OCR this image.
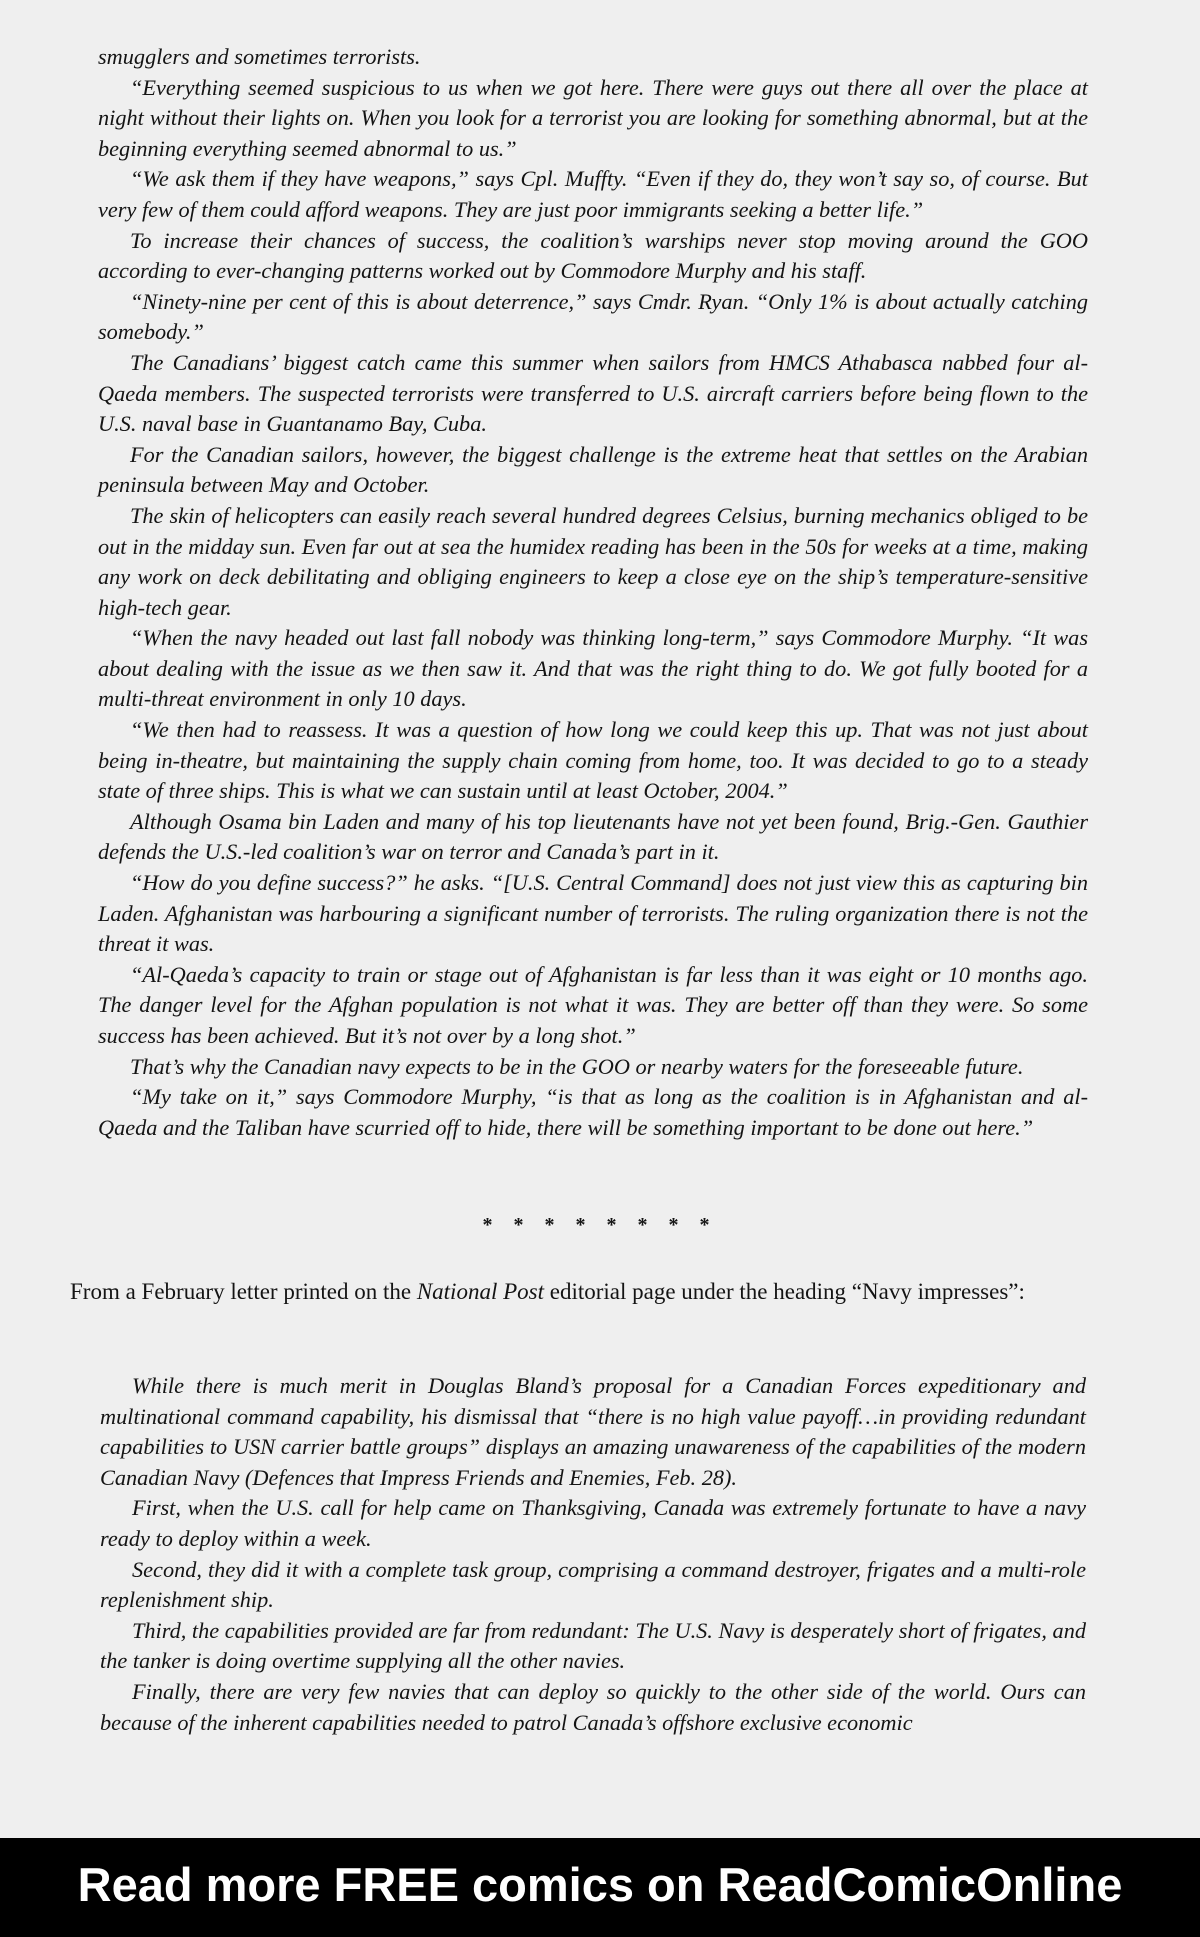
smugglers and sometimes terrorists.

“Everything seemed suspicious to us when we got here. There were guys out there all over the place at night without their lights on. When you look for a terrorist you are looking for something abnormal, but at the beginning everything seemed abnormal to us.”

“We ask them if they have weapons,” says Cpl. Muffty. “Even if they do, they won’t say so, of course. But very few of them could afford weapons. They are just poor immigrants seeking a better life.”

To increase their chances of success, the coalition’s warships never stop moving around the GOO according to ever-changing patterns worked out by Commodore Murphy and his staff.

“Ninety-nine per cent of this is about deterrence,” says Cmdr. Ryan. “Only 1% is about actually catching somebody.”

The Canadians’ biggest catch came this summer when sailors from HMCS Athabasca nabbed four al-Qaeda members. The suspected terrorists were transferred to U.S. aircraft carriers before being flown to the U.S. naval base in Guantanamo Bay, Cuba.

For the Canadian sailors, however, the biggest challenge is the extreme heat that settles on the Arabian peninsula between May and October.

The skin of helicopters can easily reach several hundred degrees Celsius, burning mechanics obliged to be out in the midday sun. Even far out at sea the humidex reading has been in the 50s for weeks at a time, making any work on deck debilitating and obliging engineers to keep a close eye on the ship’s temperature-sensitive high-tech gear.

“When the navy headed out last fall nobody was thinking long-term,” says Commodore Murphy. “It was about dealing with the issue as we then saw it. And that was the right thing to do. We got fully booted for a multi-threat environment in only 10 days.

“We then had to reassess. It was a question of how long we could keep this up. That was not just about being in-theatre, but maintaining the supply chain coming from home, too. It was decided to go to a steady state of three ships. This is what we can sustain until at least October, 2004.”

Although Osama bin Laden and many of his top lieutenants have not yet been found, Brig.-Gen. Gauthier defends the U.S.-led coalition’s war on terror and Canada’s part in it.

“How do you define success?” he asks. “[U.S. Central Command] does not just view this as capturing bin Laden. Afghanistan was harbouring a significant number of terrorists. The ruling organization there is not the threat it was.

“Al-Qaeda’s capacity to train or stage out of Afghanistan is far less than it was eight or 10 months ago. The danger level for the Afghan population is not what it was. They are better off than they were. So some success has been achieved. But it’s not over by a long shot.”

That’s why the Canadian navy expects to be in the GOO or nearby waters for the foreseeable future.

“My take on it,” says Commodore Murphy, “is that as long as the coalition is in Afghanistan and al-Qaeda and the Taliban have scurried off to hide, there will be something important to be done out here.”

* * * * * * * *
From a February letter printed on the National Post editorial page under the heading “Navy impresses”:

While there is much merit in Douglas Bland’s proposal for a Canadian Forces expeditionary and multinational command capability, his dismissal that “there is no high value payoff…in providing redundant capabilities to USN carrier battle groups” displays an amazing unawareness of the capabilities of the modern Canadian Navy (Defences that Impress Friends and Enemies, Feb. 28).

First, when the U.S. call for help came on Thanksgiving, Canada was extremely fortunate to have a navy ready to deploy within a week.

Second, they did it with a complete task group, comprising a command destroyer, frigates and a multi-role replenishment ship.

Third, the capabilities provided are far from redundant: The U.S. Navy is desperately short of frigates, and the tanker is doing overtime supplying all the other navies.

Finally, there are very few navies that can deploy so quickly to the other side of the world. Ours can because of the inherent capabilities needed to patrol Canada’s offshore exclusive economic

Read more FREE comics on ReadComicOnline
